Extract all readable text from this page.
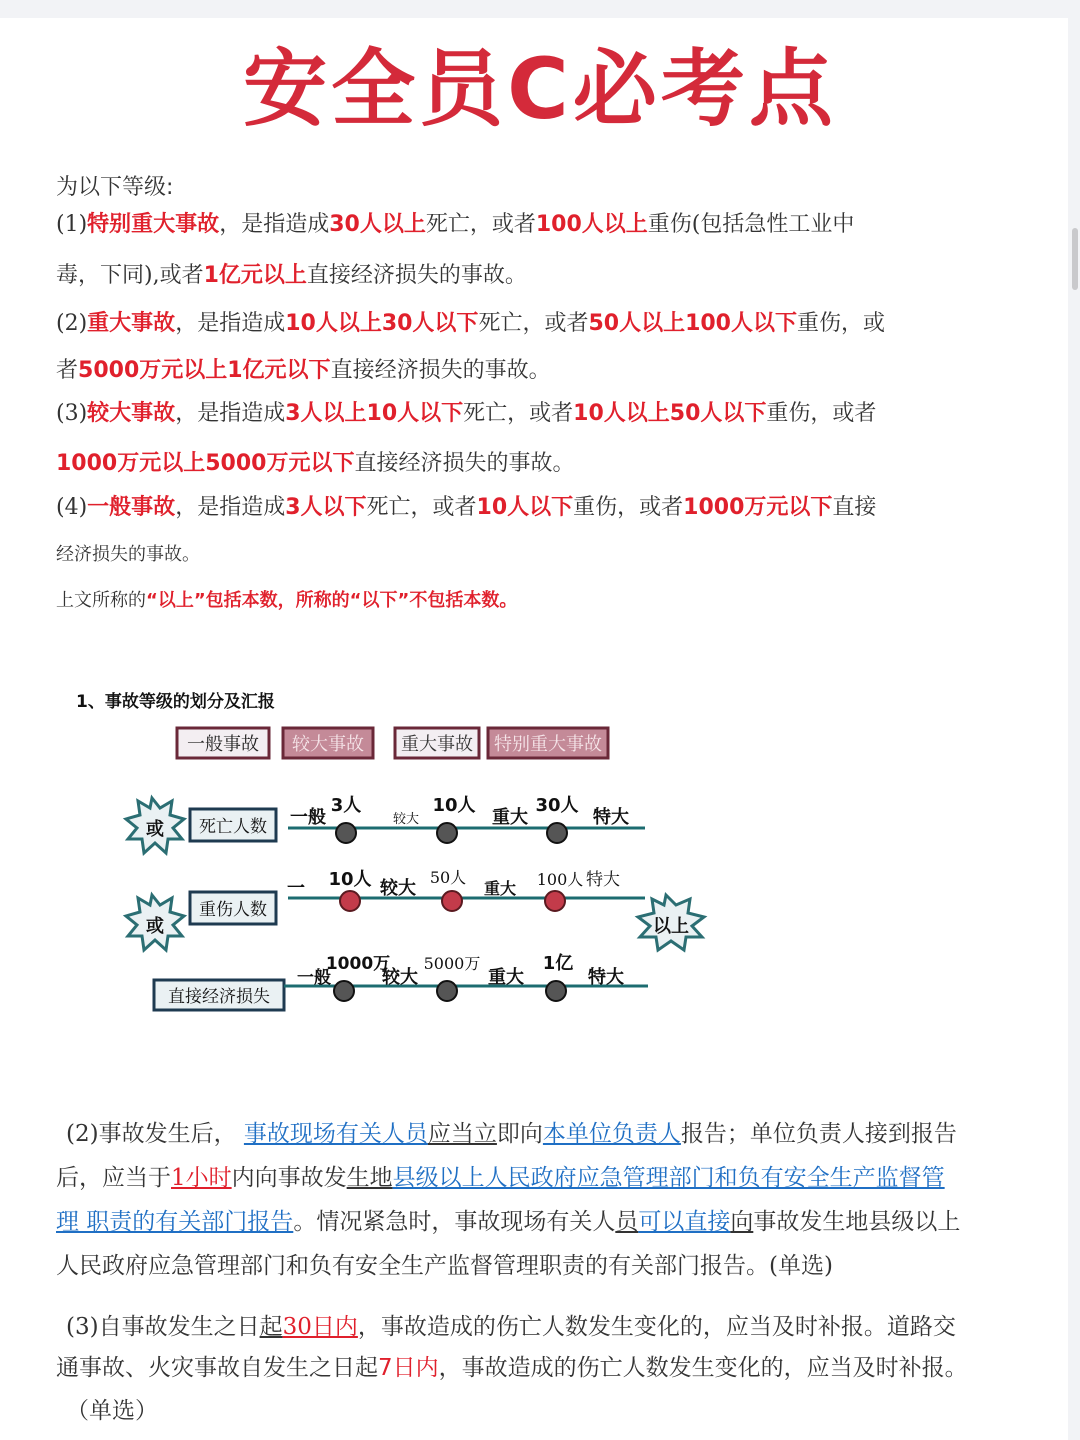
安全员C必考点
为以下等级:
(1)特别重大事故，是指造成30人以上死亡，或者100人以上重伤(包括急性工业中
毒，下同),或者1亿元以上直接经济损失的事故。
(2)重大事故，是指造成10人以上30人以下死亡，或者50人以上100人以下重伤，或
者5000万元以上1亿元以下直接经济损失的事故。
(3)较大事故，是指造成3人以上10人以下死亡，或者10人以上50人以下重伤，或者
1000万元以上5000万元以下直接经济损失的事故。
(4)一般事故，是指造成3人以下死亡，或者10人以下重伤，或者1000万元以下直接
经济损失的事故。
上文所称的“以上”包括本数，所称的“以下”不包括本数。
1、事故等级的划分及汇报
一般事故 较大事故 重大事故 特别重大事故
或
或	以上
死亡人数 一般	较大	重大	特大
3人	10人	30人
重伤人数
一	较大	重大	特大
10人	50人	100人
直接经济损失
一般	较大	重大	特大
1000万 5000万	1亿
(2)事故发生后， 事故现场有关人员应当立即向本单位负责人报告；单位负责人接到报告
后，应当于1小时内向事故发生地县级以上人民政府应急管理部门和负有安全生产监督管
理 职责的有关部门报告。情况紧急时，事故现场有关人员可以直接向事故发生地县级以上
人民政府应急管理部门和负有安全生产监督管理职责的有关部门报告。(单选)
(3)自事故发生之日起30日内，事故造成的伤亡人数发生变化的，应当及时补报。道路交
通事故、火灾事故自发生之日起7日内，事故造成的伤亡人数发生变化的，应当及时补报。
（单选）
